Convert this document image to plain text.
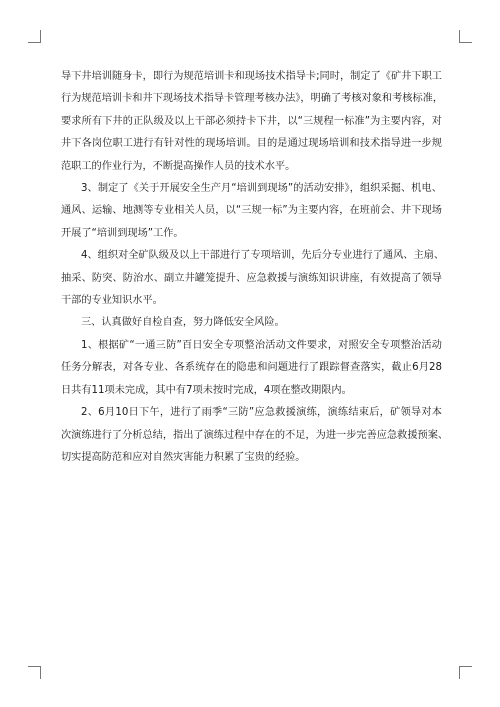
导下井培训随身卡，即行为规范培训卡和现场技术指导卡;同时，制定了《矿井下职工
行为规范培训卡和井下现场技术指导卡管理考核办法》，明确了考核对象和考核标准，
要求所有下井的正队级及以上干部必须持卡下井，以“三规程一标准”为主要内容，对
井下各岗位职工进行有针对性的现场培训。目的是通过现场培训和技术指导进一步规
范职工的作业行为，不断提高操作人员的技术水平。
3、制定了《关于开展安全生产月“培训到现场”的活动安排》，组织采掘、机电、
通风、运输、地测等专业相关人员，以“三规一标”为主要内容，在班前会、井下现场
开展了“培训到现场”工作。
4、组织对全矿队级及以上干部进行了专项培训，先后分专业进行了通风、主扇、
抽采、防突、防治水、副立井罐笼提升、应急救援与演练知识讲座，有效提高了领导
干部的专业知识水平。
三、认真做好自检自查，努力降低安全风险。
1、根据矿“一通三防”百日安全专项整治活动文件要求，对照安全专项整治活动
任务分解表，对各专业、各系统存在的隐患和问题进行了跟踪督查落实，截止6月28
日共有11项未完成，其中有7项未按时完成，4项在整改期限内。
2、6月10日下午，进行了雨季“三防”应急救援演练，演练结束后，矿领导对本
次演练进行了分析总结，指出了演练过程中存在的不足，为进一步完善应急救援预案、
切实提高防范和应对自然灾害能力积累了宝贵的经验。
